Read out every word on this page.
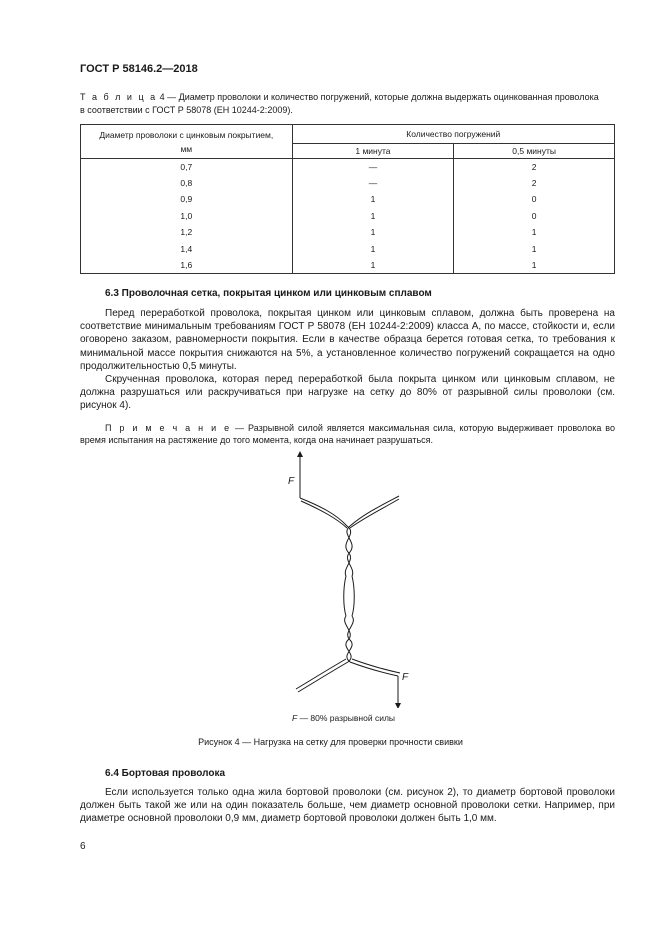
ГОСТ Р 58146.2—2018
Т а б л и ц а 4 — Диаметр проволоки и количество погружений, которые должна выдержать оцинкованная проволока в соответствии с ГОСТ Р 58078 (ЕН 10244-2:2009).
Диаметр проволоки с цинковым покрытием,
мм	Количество погружений	
	1 минута	0,5 минуты
0,7	—	2
0,8	—	2
0,9	1	0
1,0	1	0
1,2	1	1
1,4	1	1
1,6	1	1
6.3 Проволочная сетка, покрытая цинком или цинковым сплавом

Перед переработкой проволока, покрытая цинком или цинковым сплавом, должна быть проверена на соответствие минимальным требованиям ГОСТ Р 58078 (ЕН 10244-2:2009) класса А, по массе, стойкости и, если оговорено заказом, равномерности покрытия. Если в качестве образца берется готовая сетка, то требования к минимальной массе покрытия снижаются на 5%, а установленное количество погружений сокращается на одно продолжительностью 0,5 минуты.

Скрученная проволока, которая перед переработкой была покрыта цинком или цинковым сплавом, не должна разрушаться или раскручиваться при нагрузке на сетку до 80% от разрывной силы проволоки (см. рисунок 4).

П р и м е ч а н и е — Разрывной силой является максимальная сила, которую выдерживает проволока во время испытания на растяжение до того момента, когда она начинает разрушаться.
F
F
F — 80% разрывной силы
Рисунок 4 — Нагрузка на сетку для проверки прочности свивки
6.4 Бортовая проволока

Если используется только одна жила бортовой проволоки (см. рисунок 2), то диаметр бортовой проволоки должен быть такой же или на один показатель больше, чем диаметр основной проволоки сетки. Например, при диаметре основной проволоки 0,9 мм, диаметр бортовой проволоки должен быть 1,0 мм.

6
